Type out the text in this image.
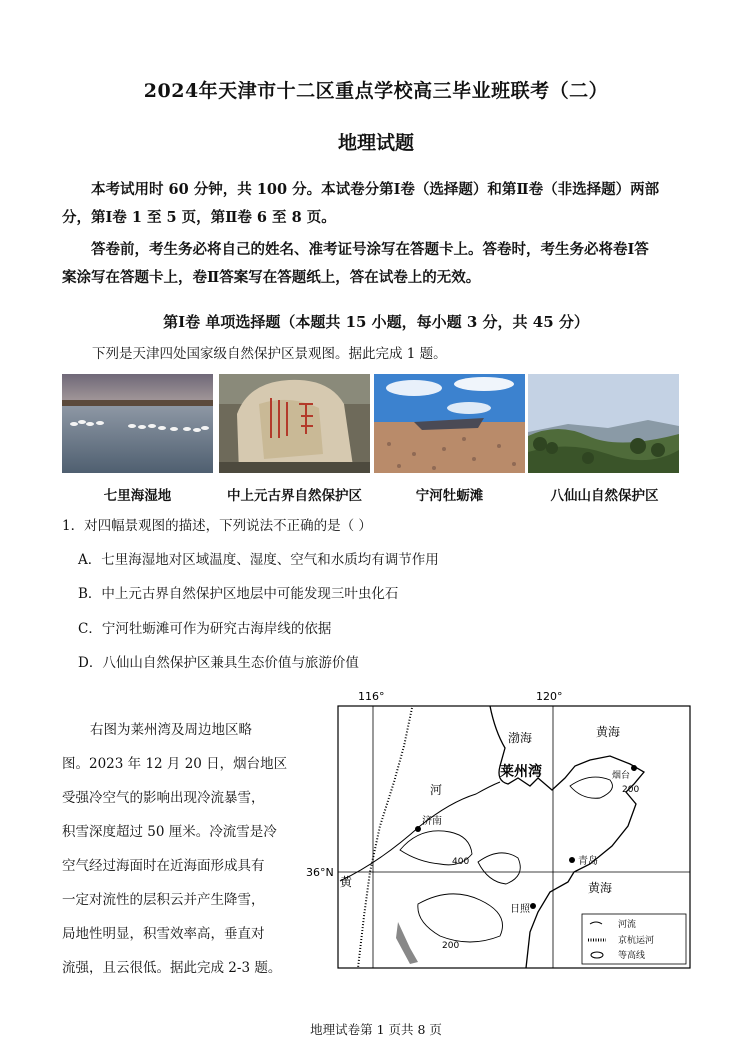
2024年天津市十二区重点学校高三毕业班联考（二）
地理试题
本考试用时 60 分钟，共 100 分。本试卷分第Ⅰ卷（选择题）和第Ⅱ卷（非选择题）两部
分，第Ⅰ卷 1 至 5 页，第Ⅱ卷 6 至 8 页。
答卷前，考生务必将自己的姓名、准考证号涂写在答题卡上。答卷时，考生务必将卷Ⅰ答
案涂写在答题卡上，卷Ⅱ答案写在答题纸上，答在试卷上的无效。
第Ⅰ卷 单项选择题（本题共 15 小题，每小题 3 分，共 45 分）
下列是天津四处国家级自然保护区景观图。据此完成 1 题。
七里海湿地	中上元古界自然保护区	宁河牡蛎滩	八仙山自然保护区
1．对四幅景观图的描述，下列说法不正确的是（ ）
A．七里海湿地对区域温度、湿度、空气和水质均有调节作用
B．中上元古界自然保护区地层中可能发现三叶虫化石
C．宁河牡蛎滩可作为研究古海岸线的依据
D．八仙山自然保护区兼具生态价值与旅游价值
右图为莱州湾及周边地区略
图。2023 年 12 月 20 日，烟台地区
受强冷空气的影响出现冷流暴雪，
积雪深度超过 50 厘米。冷流雪是冷
空气经过海面时在近海面形成具有
一定对流性的层积云并产生降雪，
局地性明显，积雪效率高，垂直对
流强，且云很低。据此完成 2-3 题。
116°	120°
36°N
渤海	黄海
莱州湾
河
济南
烟台
青岛
日照
黄	黄海
200
400
200
河流
京杭运河
等高线
地理试卷第 1 页共 8 页
